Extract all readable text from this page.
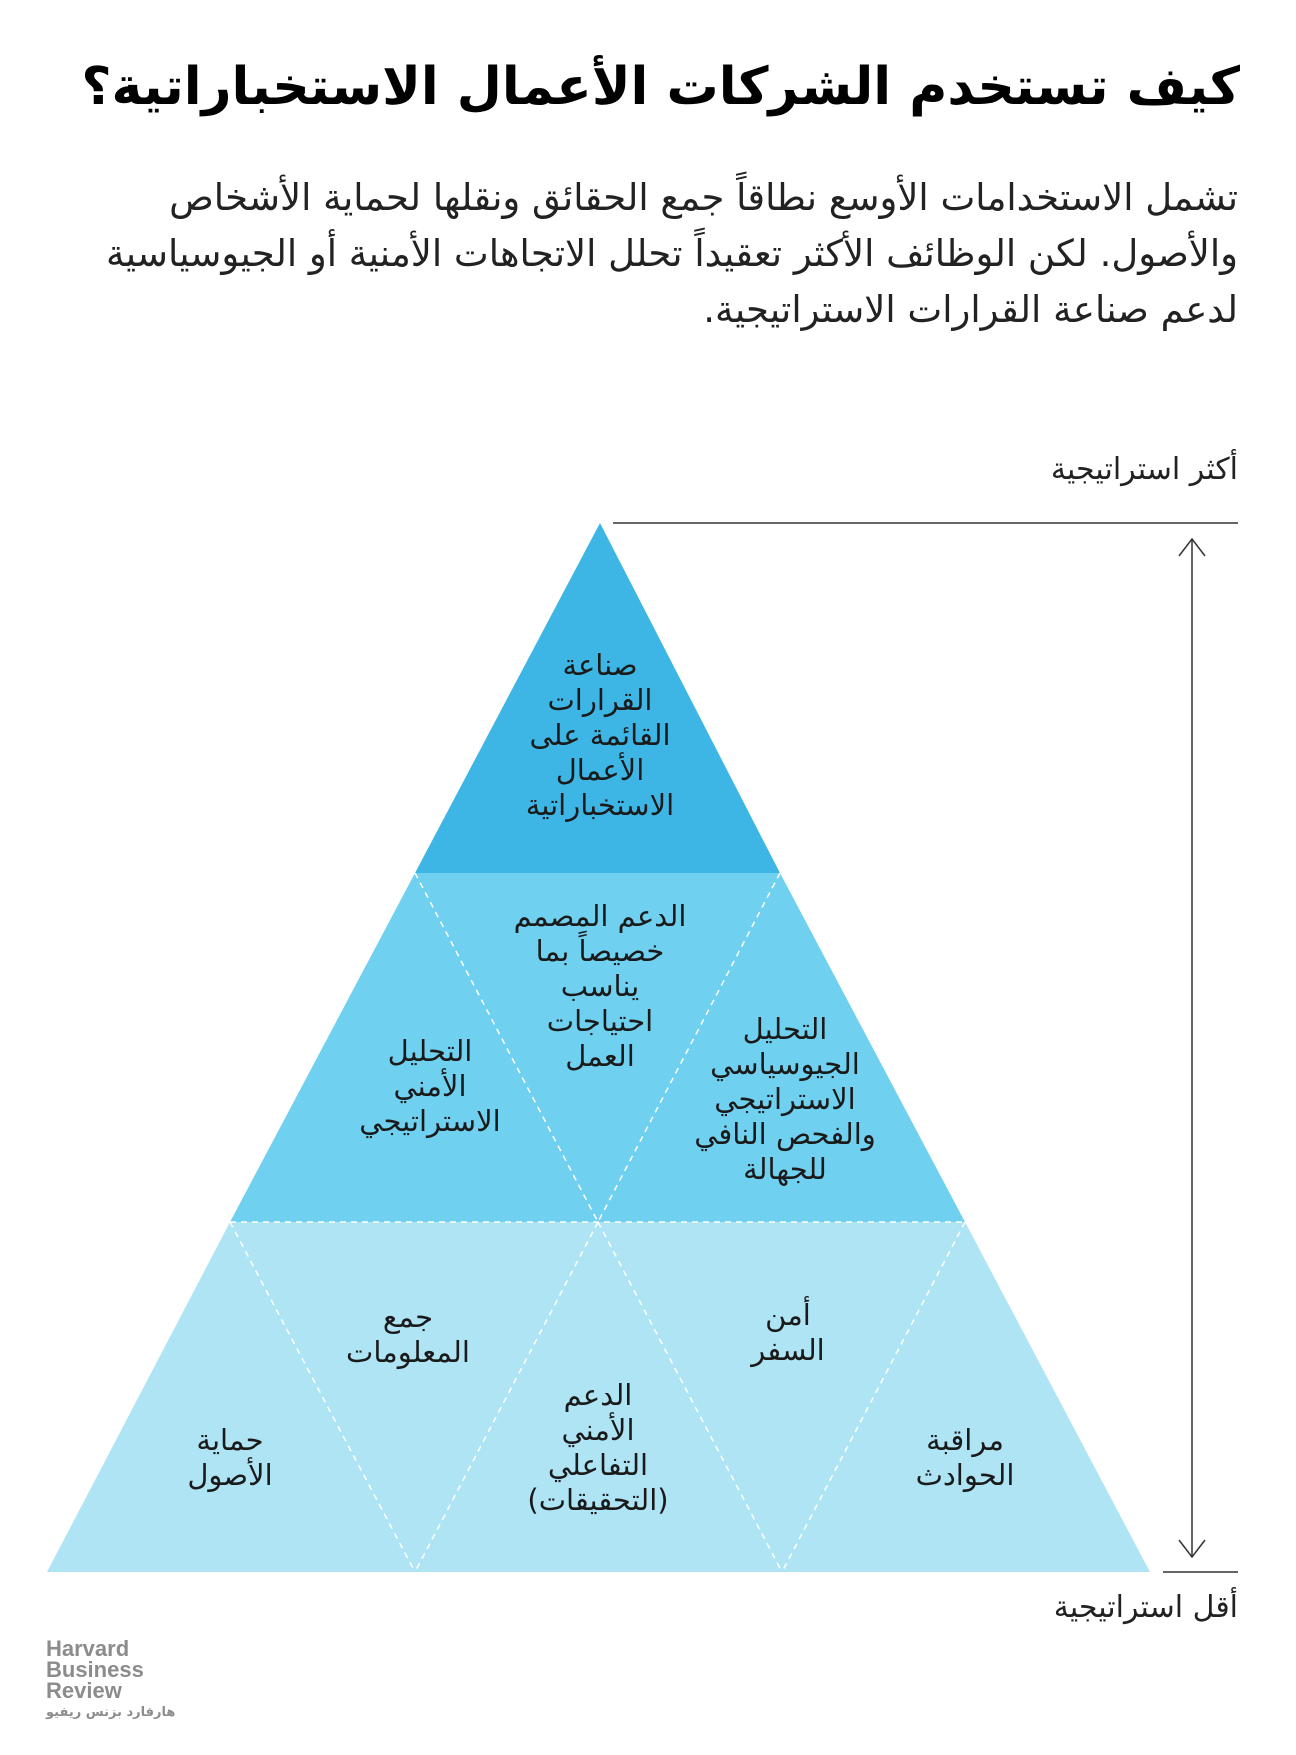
كيف تستخدم الشركات الأعمال الاستخباراتية؟

تشمل الاستخدامات الأوسع نطاقاً جمع الحقائق ونقلها لحماية الأشخاص والأصول. لكن الوظائف الأكثر تعقيداً تحلل الاتجاهات الأمنية أو الجيوسياسية لدعم صناعة القرارات الاستراتيجية.

أكثر استراتيجية
أقل استراتيجية
صناعة
القرارات
القائمة على
الأعمال
الاستخباراتية
التحليل
الأمني
الاستراتيجي
الدعم المصمم
خصيصاً بما
يناسب
احتياجات
العمل
التحليل
الجيوسياسي
الاستراتيجي
والفحص النافي
للجهالة
حماية
الأصول
جمع
المعلومات
الدعم
الأمني
التفاعلي
(التحقيقات)
أمن
السفر
مراقبة
الحوادث
Harvard
Business
Review
هارفارد بزنس ريفيو
